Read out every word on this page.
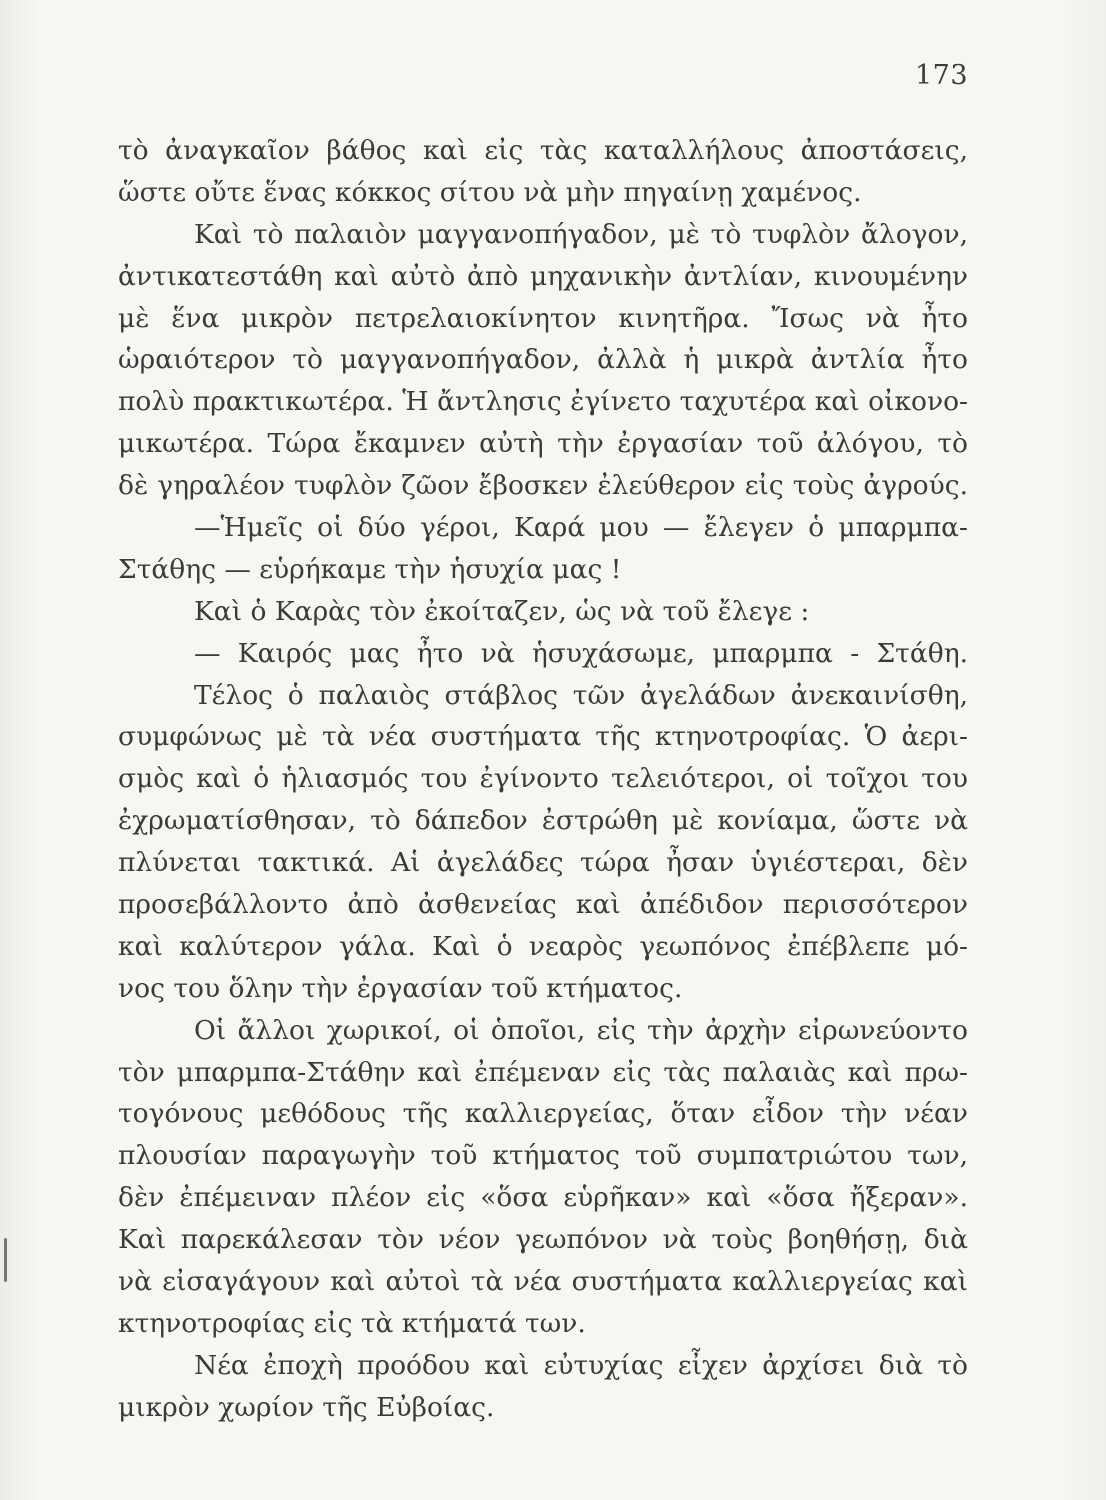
173
τὸ ἀναγκαῖον βάθος καὶ εἰς τὰς καταλλήλους ἀποστάσεις,
ὥστε οὔτε ἕνας κόκκος σίτου νὰ μὴν πηγαίνῃ χαμένος.
Καὶ τὸ παλαιὸν μαγγανοπήγαδον, μὲ τὸ τυφλὸν ἄλογον,
ἀντικατεστάθη καὶ αὐτὸ ἀπὸ μηχανικὴν ἀντλίαν, κινουμένην
μὲ ἕνα μικρὸν πετρελαιοκίνητον κινητῆρα. Ἴσως νὰ ἦτο
ὡραιότερον τὸ μαγγανοπήγαδον, ἀλλὰ ἡ μικρὰ ἀντλία ἦτο
πολὺ πρακτικωτέρα. Ἡ ἄντλησις ἐγίνετο ταχυτέρα καὶ οἰκονο-
μικωτέρα. Τώρα ἔκαμνεν αὐτὴ τὴν ἐργασίαν τοῦ ἀλόγου, τὸ
δὲ γηραλέον τυφλὸν ζῶον ἔβοσκεν ἐλεύθερον εἰς τοὺς ἀγρούς.
—Ἡμεῖς οἱ δύο γέροι, Καρά μου — ἔλεγεν ὁ μπαρμπα-
Στάθης — εὑρήκαμε τὴν ἡσυχία μας !
Καὶ ὁ Καρὰς τὸν ἐκοίταζεν, ὡς νὰ τοῦ ἔλεγε :
— Καιρός μας ἦτο νὰ ἡσυχάσωμε, μπαρμπα - Στάθη.
Τέλος ὁ παλαιὸς στάβλος τῶν ἀγελάδων ἀνεκαινίσθη,
συμφώνως μὲ τὰ νέα συστήματα τῆς κτηνοτροφίας. Ὁ ἀερι-
σμὸς καὶ ὁ ἡλιασμός του ἐγίνοντο τελειότεροι, οἱ τοῖχοι του
ἐχρωματίσθησαν, τὸ δάπεδον ἐστρώθη μὲ κονίαμα, ὥστε νὰ
πλύνεται τακτικά. Αἱ ἀγελάδες τώρα ἦσαν ὑγιέστεραι, δὲν
προσεβάλλοντο ἀπὸ ἀσθενείας καὶ ἀπέδιδον περισσότερον
καὶ καλύτερον γάλα. Καὶ ὁ νεαρὸς γεωπόνος ἐπέβλεπε μό-
νος του ὅλην τὴν ἐργασίαν τοῦ κτήματος.
Οἱ ἄλλοι χωρικοί, οἱ ὁποῖοι, εἰς τὴν ἀρχὴν εἰρωνεύοντο
τὸν μπαρμπα-Στάθην καὶ ἐπέμεναν εἰς τὰς παλαιὰς καὶ πρω-
τογόνους μεθόδους τῆς καλλιεργείας, ὅταν εἶδον τὴν νέαν
πλουσίαν παραγωγὴν τοῦ κτήματος τοῦ συμπατριώτου των,
δὲν ἐπέμειναν πλέον εἰς «ὅσα εὑρῆκαν» καὶ «ὅσα ἤξεραν».
Καὶ παρεκάλεσαν τὸν νέον γεωπόνον νὰ τοὺς βοηθήσῃ, διὰ
νὰ εἰσαγάγουν καὶ αὐτοὶ τὰ νέα συστήματα καλλιεργείας καὶ
κτηνοτροφίας εἰς τὰ κτήματά των.
Νέα ἐποχὴ προόδου καὶ εὐτυχίας εἶχεν ἀρχίσει διὰ τὸ
μικρὸν χωρίον τῆς Εὐβοίας.
